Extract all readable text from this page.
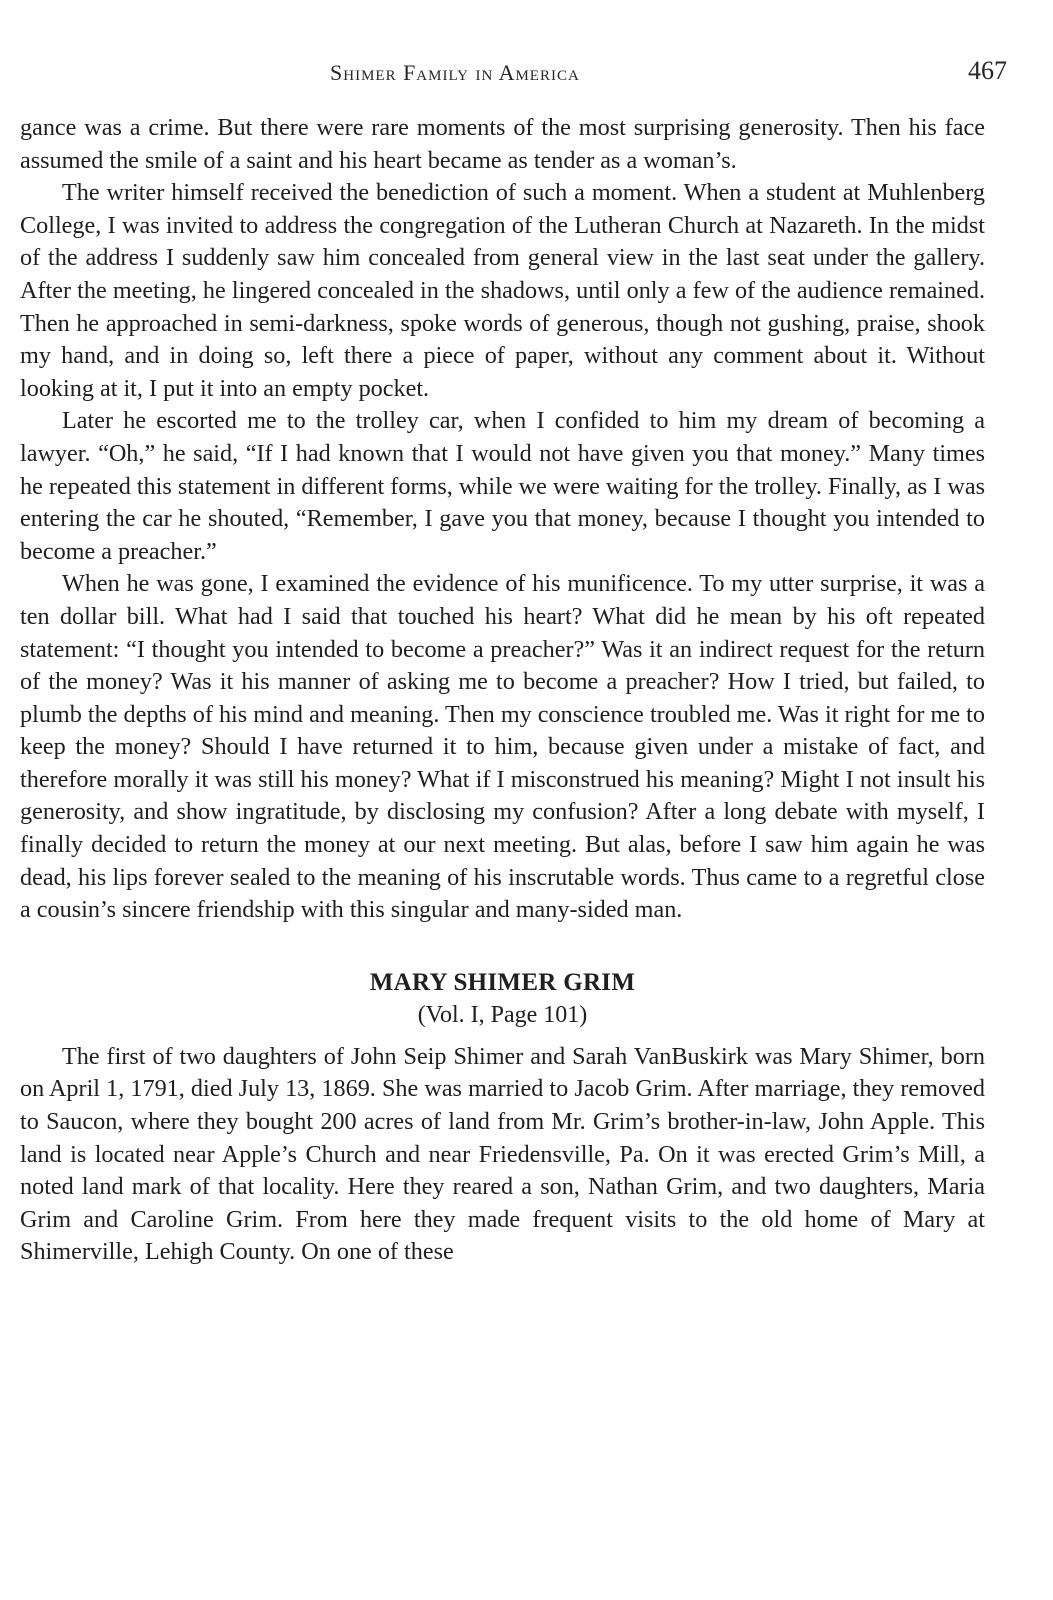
Shimer Family in America	467

gance was a crime. But there were rare moments of the most surprising generosity. Then his face assumed the smile of a saint and his heart became as tender as a woman’s.

The writer himself received the benediction of such a moment. When a student at Muhlenberg College, I was invited to address the congregation of the Lutheran Church at Nazareth. In the midst of the address I suddenly saw him concealed from general view in the last seat under the gallery. After the meeting, he lingered concealed in the shadows, until only a few of the audience remained. Then he approached in semi-darkness, spoke words of generous, though not gushing, praise, shook my hand, and in doing so, left there a piece of paper, without any comment about it. Without looking at it, I put it into an empty pocket.

Later he escorted me to the trolley car, when I confided to him my dream of becoming a lawyer. “Oh,” he said, “If I had known that I would not have given you that money.” Many times he repeated this statement in different forms, while we were waiting for the trolley. Finally, as I was entering the car he shouted, “Remember, I gave you that money, because I thought you intended to become a preacher.”

When he was gone, I examined the evidence of his munificence. To my utter surprise, it was a ten dollar bill. What had I said that touched his heart? What did he mean by his oft repeated statement: “I thought you intended to become a preacher?” Was it an indirect request for the return of the money? Was it his manner of asking me to become a preacher? How I tried, but failed, to plumb the depths of his mind and meaning. Then my conscience troubled me. Was it right for me to keep the money? Should I have returned it to him, because given under a mistake of fact, and therefore morally it was still his money? What if I misconstrued his meaning? Might I not insult his generosity, and show ingratitude, by disclosing my confusion? After a long debate with myself, I finally decided to return the money at our next meeting. But alas, before I saw him again he was dead, his lips forever sealed to the meaning of his inscrutable words. Thus came to a regretful close a cousin’s sincere friendship with this singular and many-sided man.

MARY SHIMER GRIM
(Vol. I, Page 101)

The first of two daughters of John Seip Shimer and Sarah VanBuskirk was Mary Shimer, born on April 1, 1791, died July 13, 1869. She was married to Jacob Grim. After marriage, they removed to Saucon, where they bought 200 acres of land from Mr. Grim’s brother-in-law, John Apple. This land is located near Apple’s Church and near Friedensville, Pa. On it was erected Grim’s Mill, a noted land mark of that locality. Here they reared a son, Nathan Grim, and two daughters, Maria Grim and Caroline Grim. From here they made frequent visits to the old home of Mary at Shimerville, Lehigh County. On one of these
